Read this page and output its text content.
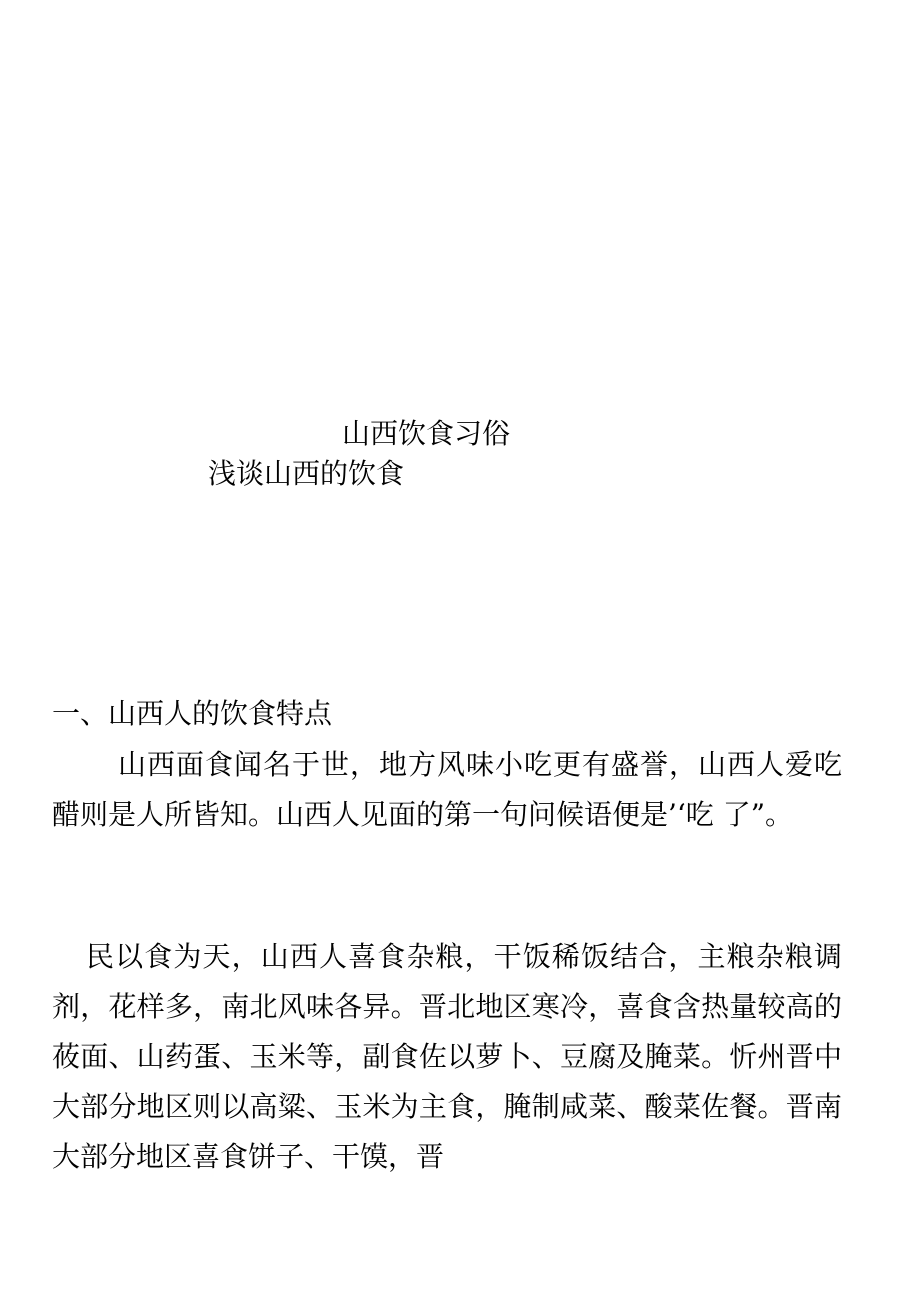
山西饮食习俗
浅谈山西的饮食
一、山西人的饮食特点

山西面食闻名于世，地方风味小吃更有盛誉，山西人爱吃醋则是人所皆知。山西人见面的第一句问候语便是’‘吃 了”。

民以食为天，山西人喜食杂粮，干饭稀饭结合，主粮杂粮调剂，花样多，南北风味各异。晋北地区寒冷，喜食含热量较高的莜面、山药蛋、玉米等，副食佐以萝卜、豆腐及腌菜。忻州晋中大部分地区则以高粱、玉米为主食，腌制咸菜、酸菜佐餐。晋南大部分地区喜食饼子、干馍，晋
